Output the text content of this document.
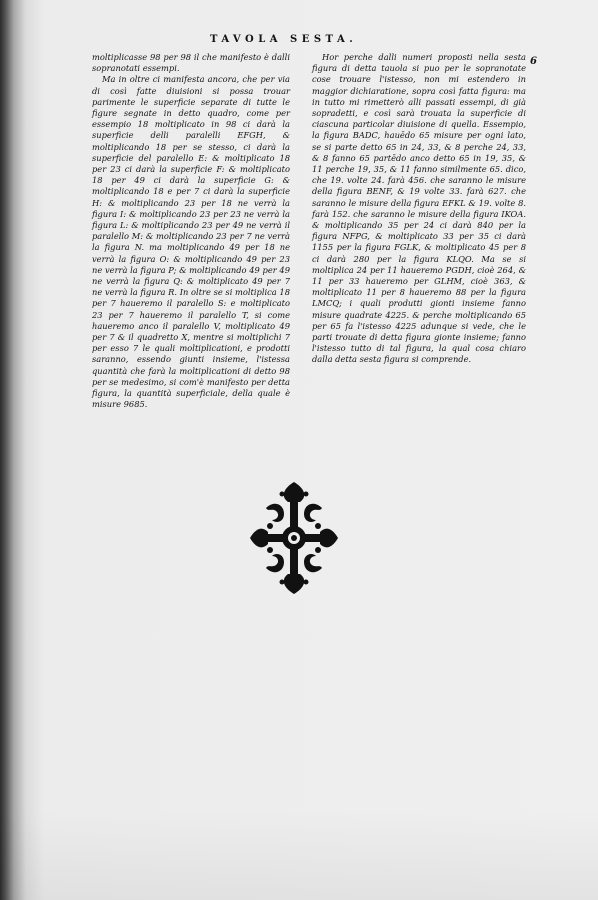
TAVOLA SESTA.
6

moltiplicasse 98 per 98 il che manifesto è dalli sopranotati essempi.

Ma in oltre ci manifesta ancora, che per via di così fatte diuisioni si possa trouar parimente le superficie separate di tutte le figure segnate in detto quadro, come per essempio 18 moltiplicato in 98 ci darà la superficie delli paralelli EFGH, & moltiplicando 18 per se stesso, ci darà la superficie del paralello E: & moltiplicato 18 per 23 ci darà la superficie F: & moltiplicato 18 per 49 ci darà la superficie G: & moltiplicando 18 e per 7 ci darà la superficie H: & moltiplicando 23 per 18 ne verrà la figura I: & moltiplicando 23 per 23 ne verrà la figura L: & moltiplicando 23 per 49 ne verrà il paralello M: & moltiplicando 23 per 7 ne verrà la figura N. ma moltiplicando 49 per 18 ne verrà la figura O: & moltiplicando 49 per 23 ne verrà la figura P; & moltiplicando 49 per 49 ne verrà la figura Q: & moltiplicato 49 per 7 ne verrà la figura R. In oltre se si moltiplica 18 per 7 haueremo il paralello S: e moltiplicato 23 per 7 haueremo il paralello T, si come haueremo anco il paralello V, moltiplicato 49 per 7 & il quadretto X, mentre si moltiplichi 7 per esso 7 le quali moltiplicationi, e prodotti saranno, essendo giunti insieme, l'istessa quantità che farà la moltiplicationi di detto 98 per se medesimo, si com'è manifesto per detta figura, la quantità superficiale, della quale è misure 9685.

Hor perche dalli numeri proposti nella sesta figura di detta tauola si puo per le sopranotate cose trouare l'istesso, non mi estendero in maggior dichiaratione, sopra così fatta figura: ma in tutto mi rimetterò alli passati essempi, di già sopradetti, e così sarà trouata la superficie di ciascuna particolar diuisione di quella. Essempio, la figura BADC, hauēdo 65 misure per ogni lato, se si parte detto 65 in 24, 33, & 8 perche 24, 33, & 8 fanno 65 partēdo anco detto 65 in 19, 35, & 11 perche 19, 35, & 11 fanno similmente 65. dico, che 19. volte 24. farà 456. che saranno le misure della figura BENF, & 19 volte 33. farà 627. che saranno le misure della figura EFKL & 19. volte 8. farà 152. che saranno le misure della figura IKOA. & moltiplicando 35 per 24 ci darà 840 per la figura NFPG, & moltiplicato 33 per 35 ci darà 1155 per la figura FGLK, & moltiplicato 45 per 8 ci darà 280 per la figura KLQO. Ma se si moltiplica 24 per 11 haueremo PGDH, cioè 264, & 11 per 33 haueremo per GLHM, cioè 363, & moltiplicato 11 per 8 haueremo 88 per la figura LMCQ; i quali produtti gionti insieme fanno misure quadrate 4225. & perche moltiplicando 65 per 65 fa l'istesso 4225 adunque si vede, che le parti trouate di detta figura gionte insieme; fanno l'istesso tutto di tal figura, la qual cosa chiaro dalla detta sesta figura si comprende.
